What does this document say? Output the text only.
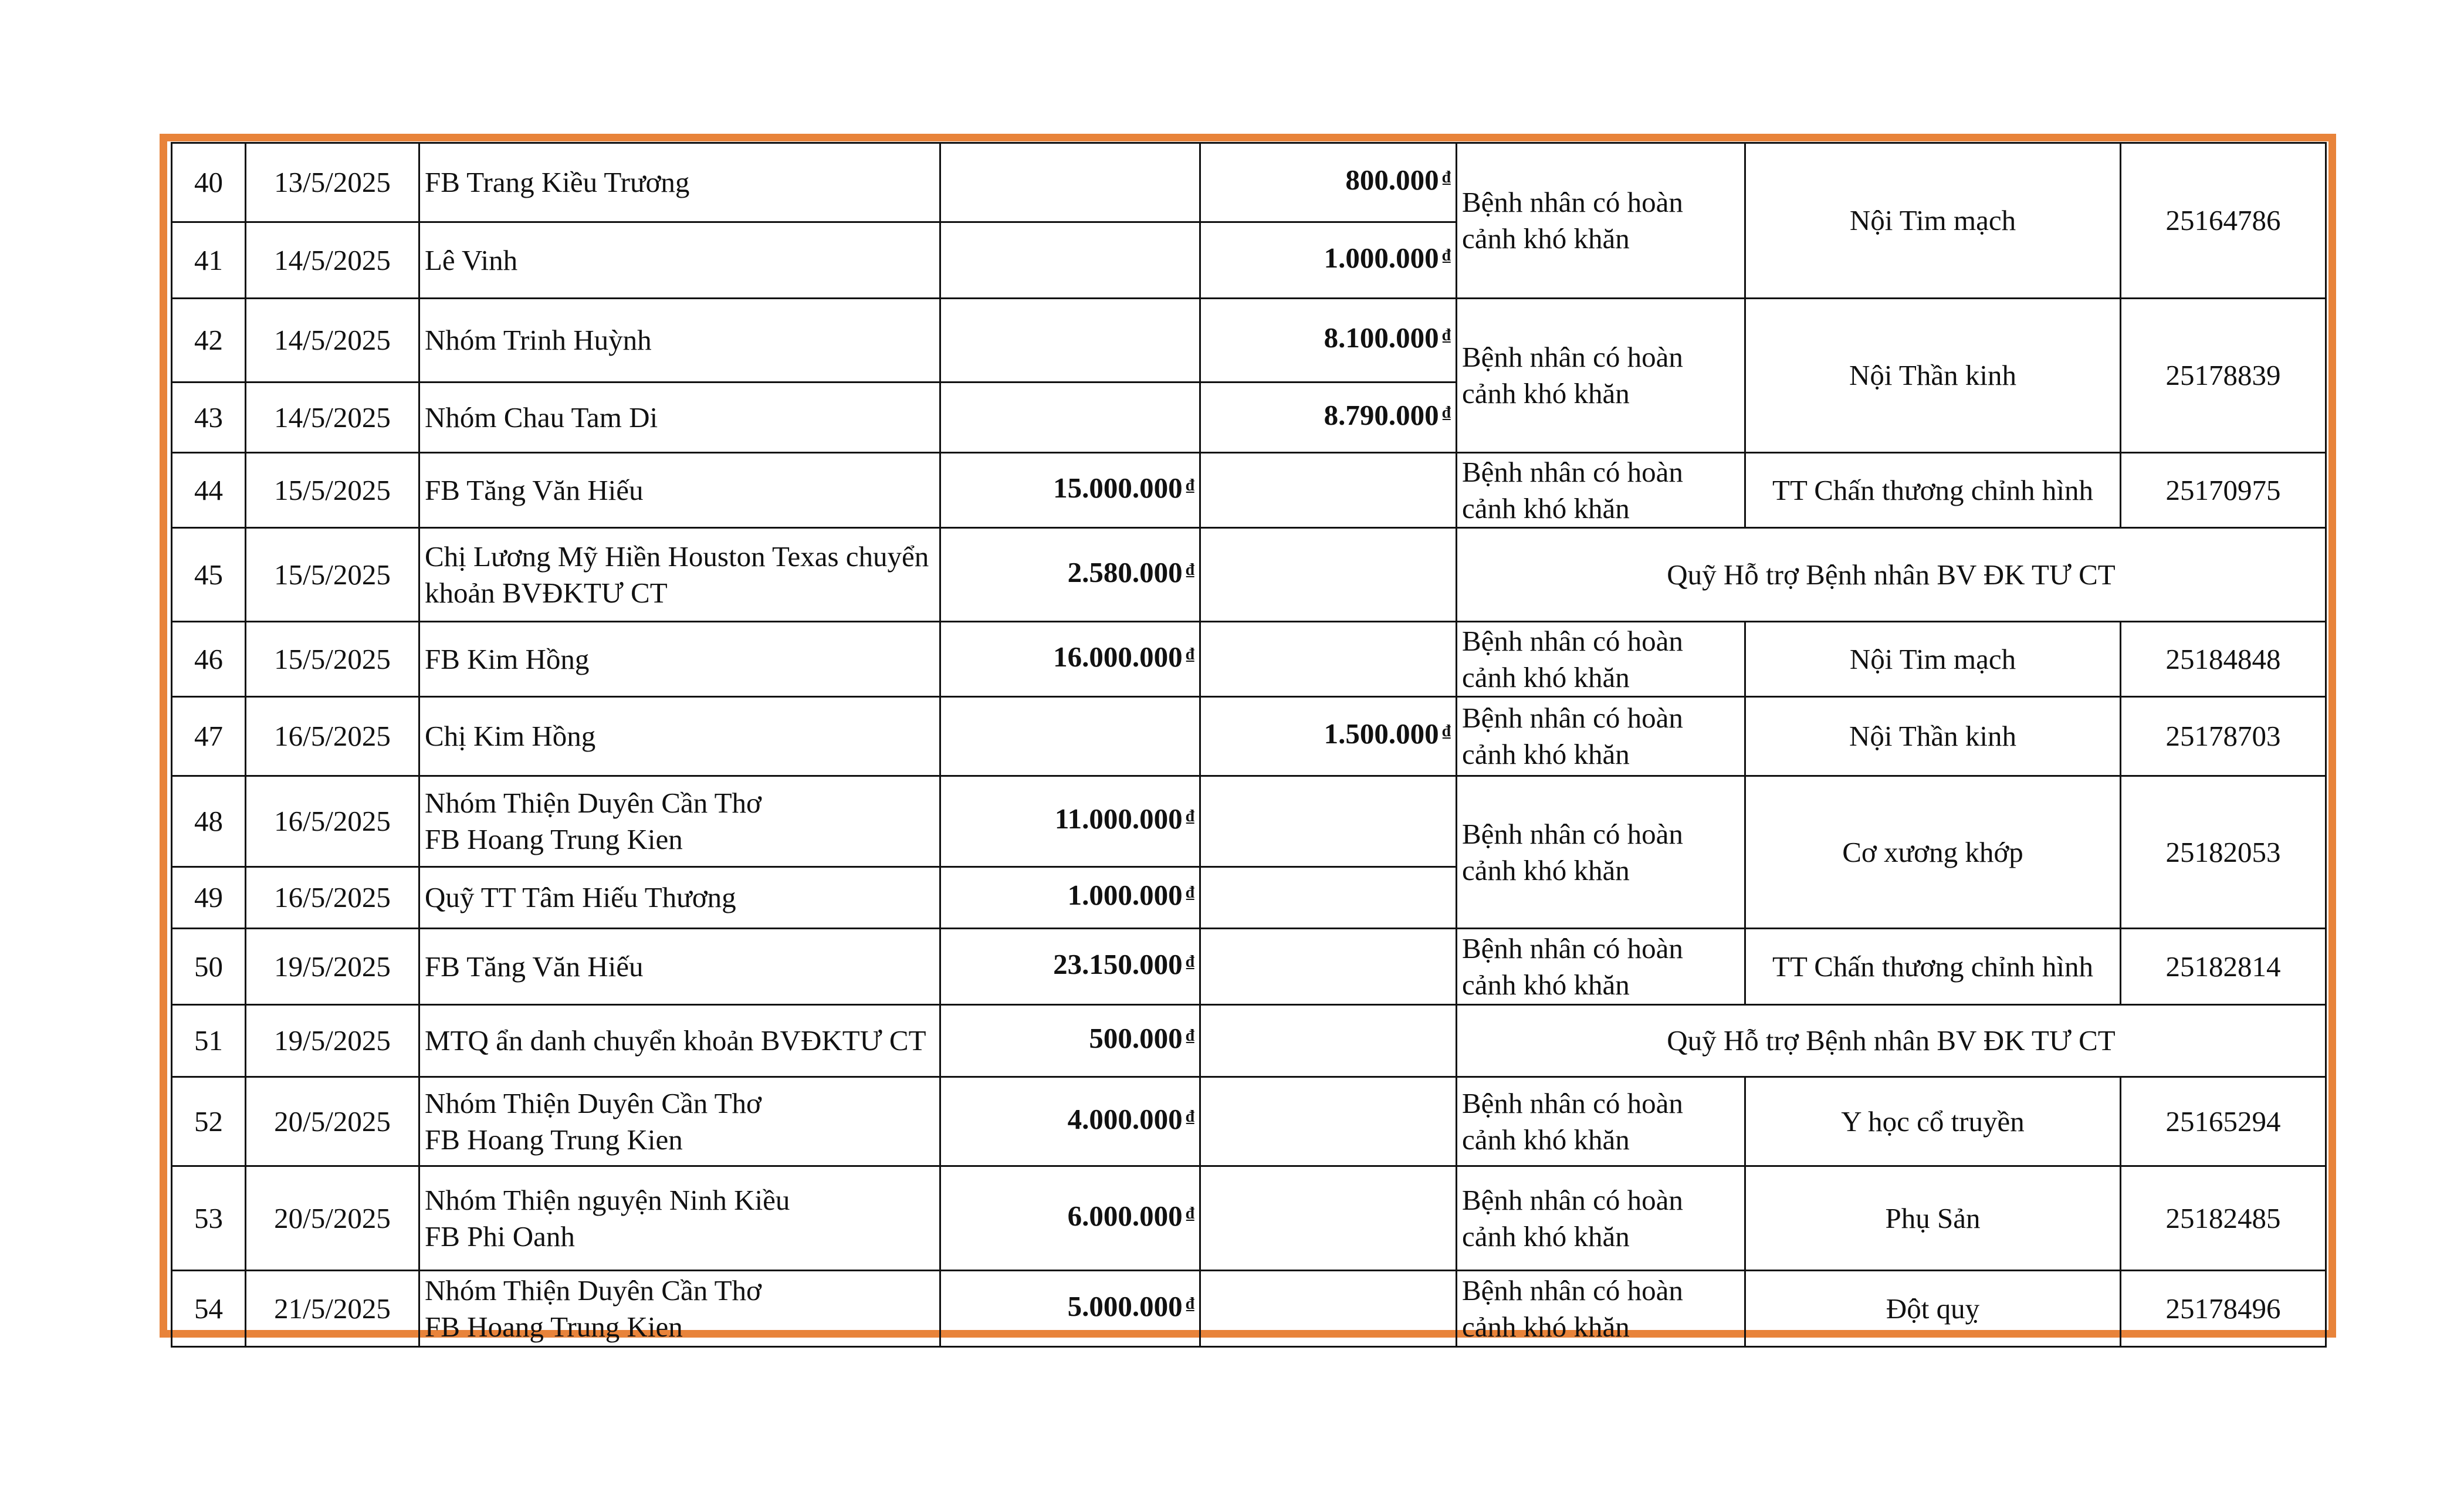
40	13/5/2025	FB Trang Kiều Trương		800.000 ₫	Bệnh nhân có hoàn cảnh khó khăn	Nội Tim mạch	25164786
41	14/5/2025	Lê Vinh		1.000.000 ₫
42	14/5/2025	Nhóm Trinh Huỳnh		8.100.000 ₫	Bệnh nhân có hoàn cảnh khó khăn	Nội Thần kinh	25178839
43	14/5/2025	Nhóm Chau Tam Di		8.790.000 ₫
44	15/5/2025	FB Tăng Văn Hiếu	15.000.000 ₫		Bệnh nhân có hoàn cảnh khó khăn	TT Chấn thương chỉnh hình	25170975
45	15/5/2025	Chị Lương Mỹ Hiền Houston Texas chuyển khoản BVĐKTƯ CT	2.580.000 ₫		Quỹ Hỗ trợ Bệnh nhân BV ĐK TƯ CT		
46	15/5/2025	FB Kim Hồng	16.000.000 ₫		Bệnh nhân có hoàn cảnh khó khăn	Nội Tim mạch	25184848
47	16/5/2025	Chị Kim Hồng		1.500.000 ₫	Bệnh nhân có hoàn cảnh khó khăn	Nội Thần kinh	25178703
48	16/5/2025	Nhóm Thiện Duyên Cần Thơ
FB Hoang Trung Kien	11.000.000 ₫		Bệnh nhân có hoàn cảnh khó khăn	Cơ xương khớp	25182053
49	16/5/2025	Quỹ TT Tâm Hiếu Thương	1.000.000 ₫	
50	19/5/2025	FB Tăng Văn Hiếu	23.150.000 ₫		Bệnh nhân có hoàn cảnh khó khăn	TT Chấn thương chỉnh hình	25182814
51	19/5/2025	MTQ ẩn danh chuyển khoản BVĐKTƯ CT	500.000 ₫		Quỹ Hỗ trợ Bệnh nhân BV ĐK TƯ CT		
52	20/5/2025	Nhóm Thiện Duyên Cần Thơ
FB Hoang Trung Kien	4.000.000 ₫		Bệnh nhân có hoàn cảnh khó khăn	Y học cổ truyền	25165294
53	20/5/2025	Nhóm Thiện nguyện Ninh Kiều
FB Phi Oanh	6.000.000 ₫		Bệnh nhân có hoàn cảnh khó khăn	Phụ Sản	25182485
54	21/5/2025	Nhóm Thiện Duyên Cần Thơ
FB Hoang Trung Kien	5.000.000 ₫		Bệnh nhân có hoàn cảnh khó khăn	Đột quỵ	25178496
